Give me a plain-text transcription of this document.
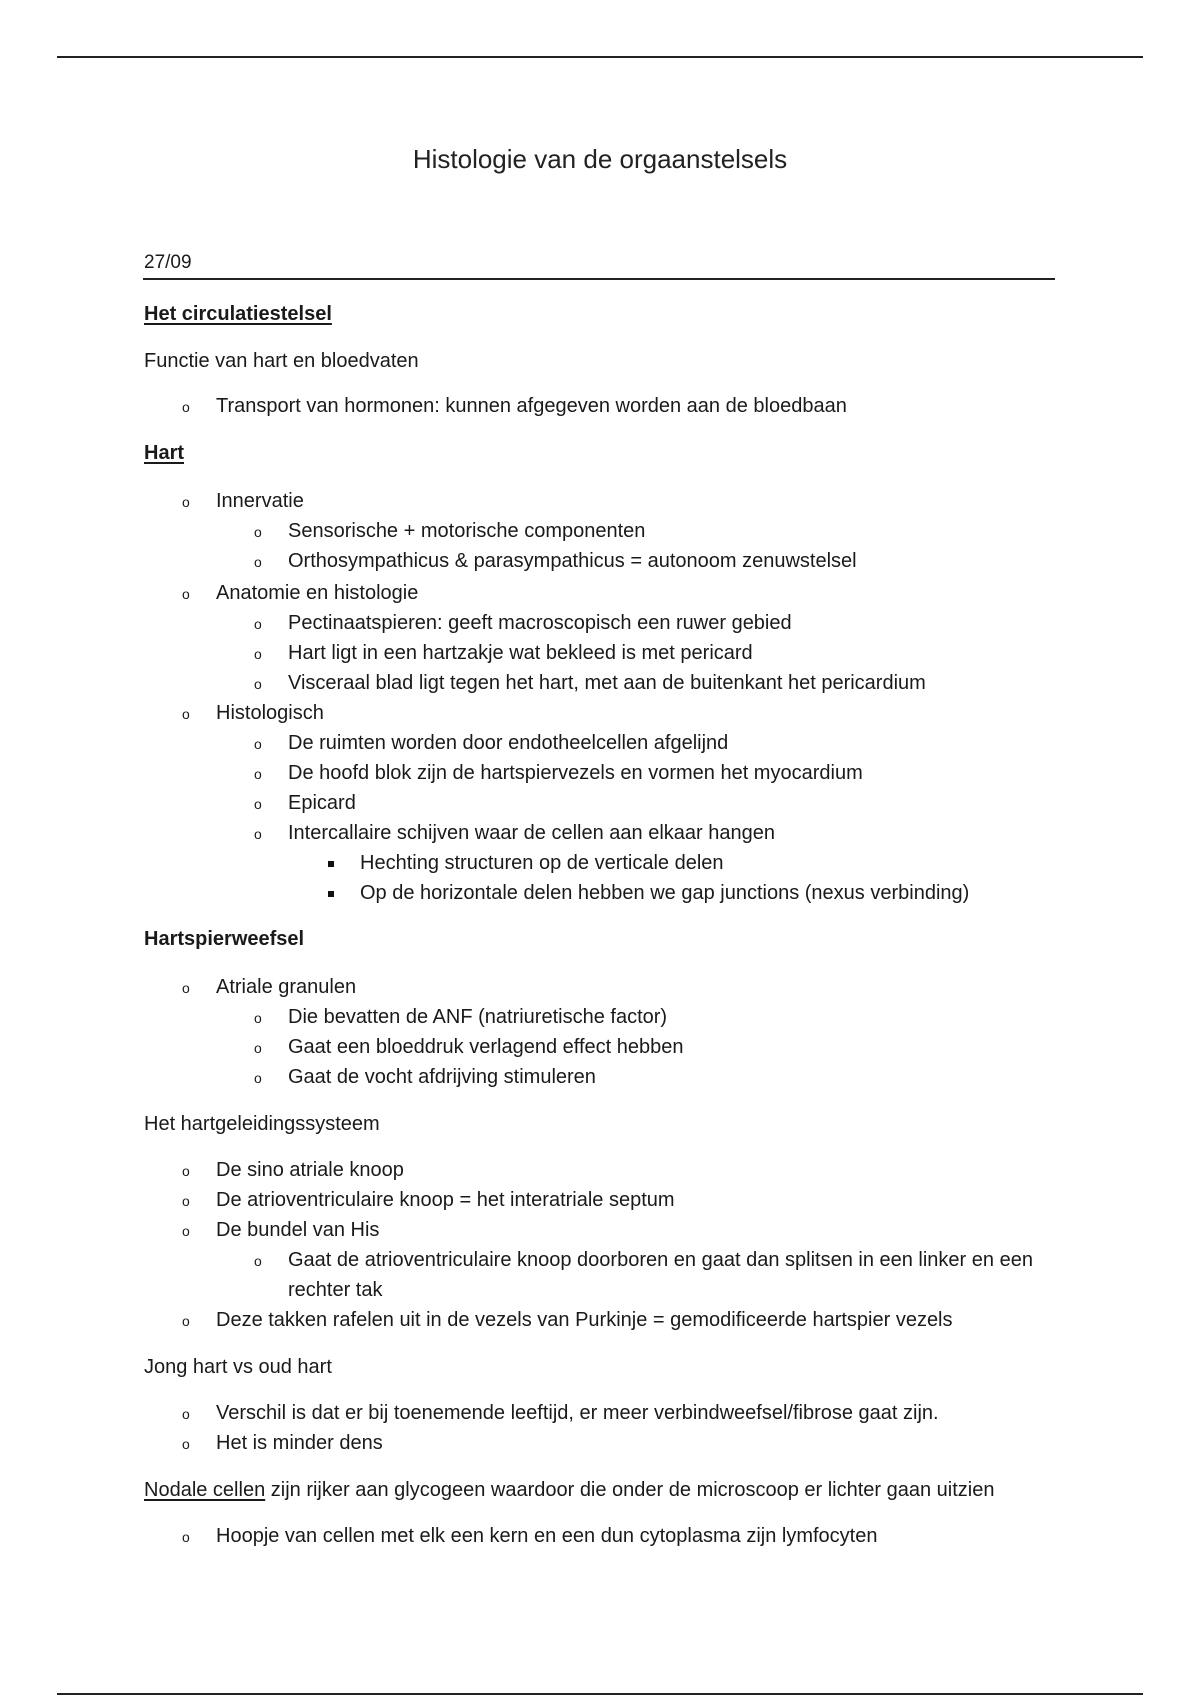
Histologie van de orgaanstelsels
27/09
Het circulatiestelsel
Functie van hart en bloedvaten
o Transport van hormonen: kunnen afgegeven worden aan de bloedbaan
Hart
o Innervatie
o Sensorische + motorische componenten
o Orthosympathicus & parasympathicus = autonoom zenuwstelsel
o Anatomie en histologie
o Pectinaatspieren: geeft macroscopisch een ruwer gebied
o Hart ligt in een hartzakje wat bekleed is met pericard
o Visceraal blad ligt tegen het hart, met aan de buitenkant het pericardium
o Histologisch
o De ruimten worden door endotheelcellen afgelijnd
o De hoofd blok zijn de hartspiervezels en vormen het myocardium
o Epicard
o Intercallaire schijven waar de cellen aan elkaar hangen
Hechting structuren op de verticale delen
Op de horizontale delen hebben we gap junctions (nexus verbinding)
Hartspierweefsel
o Atriale granulen
o Die bevatten de ANF (natriuretische factor)
o Gaat een bloeddruk verlagend effect hebben
o Gaat de vocht afdrijving stimuleren
Het hartgeleidingssysteem
o De sino atriale knoop
o De atrioventriculaire knoop = het interatriale septum
o De bundel van His
o Gaat de atrioventriculaire knoop doorboren en gaat dan splitsen in een linker en een
rechter tak
o Deze takken rafelen uit in de vezels van Purkinje = gemodificeerde hartspier vezels
Jong hart vs oud hart
o Verschil is dat er bij toenemende leeftijd, er meer verbindweefsel/fibrose gaat zijn.
o Het is minder dens
Nodale cellen zijn rijker aan glycogeen waardoor die onder de microscoop er lichter gaan uitzien
o Hoopje van cellen met elk een kern en een dun cytoplasma zijn lymfocyten
